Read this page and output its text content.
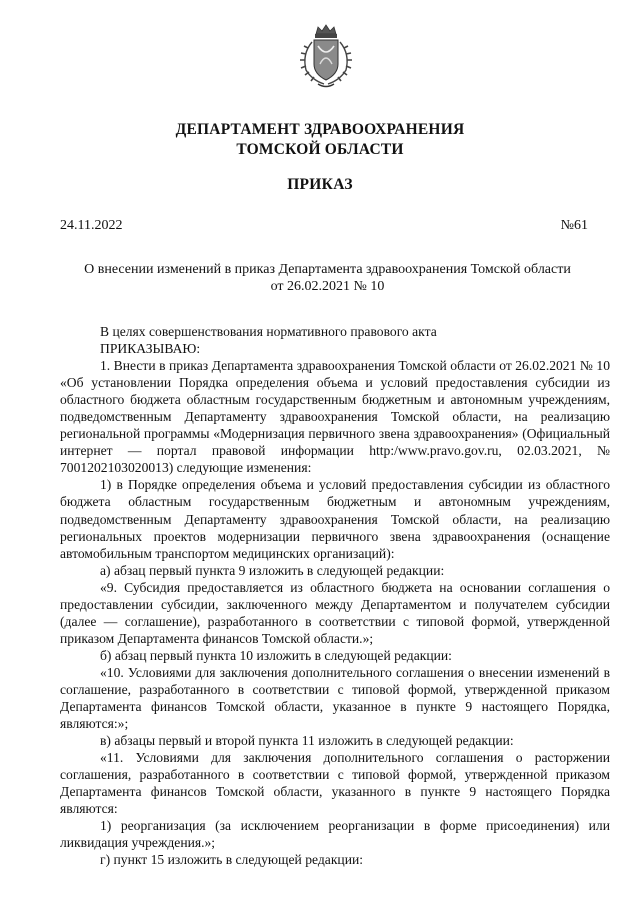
ДЕПАРТАМЕНТ ЗДРАВООХРАНЕНИЯ
ТОМСКОЙ ОБЛАСТИ
ПРИКАЗ
24.11.2022	№61
О внесении изменений в приказ Департамента здравоохранения Томской области
от 26.02.2021 № 10

В целях совершенствования нормативного правового акта

ПРИКАЗЫВАЮ:

1. Внести в приказ Департамента здравоохранения Томской области от 26.02.2021 № 10 «Об установлении Порядка определения объема и условий предоставления субсидии из областного бюджета областным государственным бюджетным и автономным учреждениям, подведомственным Департаменту здравоохранения Томской области, на реализацию региональной программы «Модернизация первичного звена здравоохранения» (Официальный интернет — портал правовой информации http:/www.pravo.gov.ru, 02.03.2021, № 7001202103020013) следующие изменения:

1) в Порядке определения объема и условий предоставления субсидии из областного бюджета областным государственным бюджетным и автономным учреждениям, подведомственным Департаменту здравоохранения Томской области, на реализацию региональных проектов модернизации первичного звена здравоохранения (оснащение автомобильным транспортом медицинских организаций):

а) абзац первый пункта 9 изложить в следующей редакции:

«9. Субсидия предоставляется из областного бюджета на основании соглашения о предоставлении субсидии, заключенного между Департаментом и получателем субсидии (далее — соглашение), разработанного в соответствии с типовой формой, утвержденной приказом Департамента финансов Томской области.»;

б) абзац первый пункта 10 изложить в следующей редакции:

«10. Условиями для заключения дополнительного соглашения о внесении изменений в соглашение, разработанного в соответствии с типовой формой, утвержденной приказом Департамента финансов Томской области, указанное в пункте 9 настоящего Порядка, являются:»;

в) абзацы первый и второй пункта 11 изложить в следующей редакции:

«11. Условиями для заключения дополнительного соглашения о расторжении соглашения, разработанного в соответствии с типовой формой, утвержденной приказом Департамента финансов Томской области, указанного в пункте 9 настоящего Порядка являются:

1) реорганизация (за исключением реорганизации в форме присоединения) или ликвидация учреждения.»;

г) пункт 15 изложить в следующей редакции:
